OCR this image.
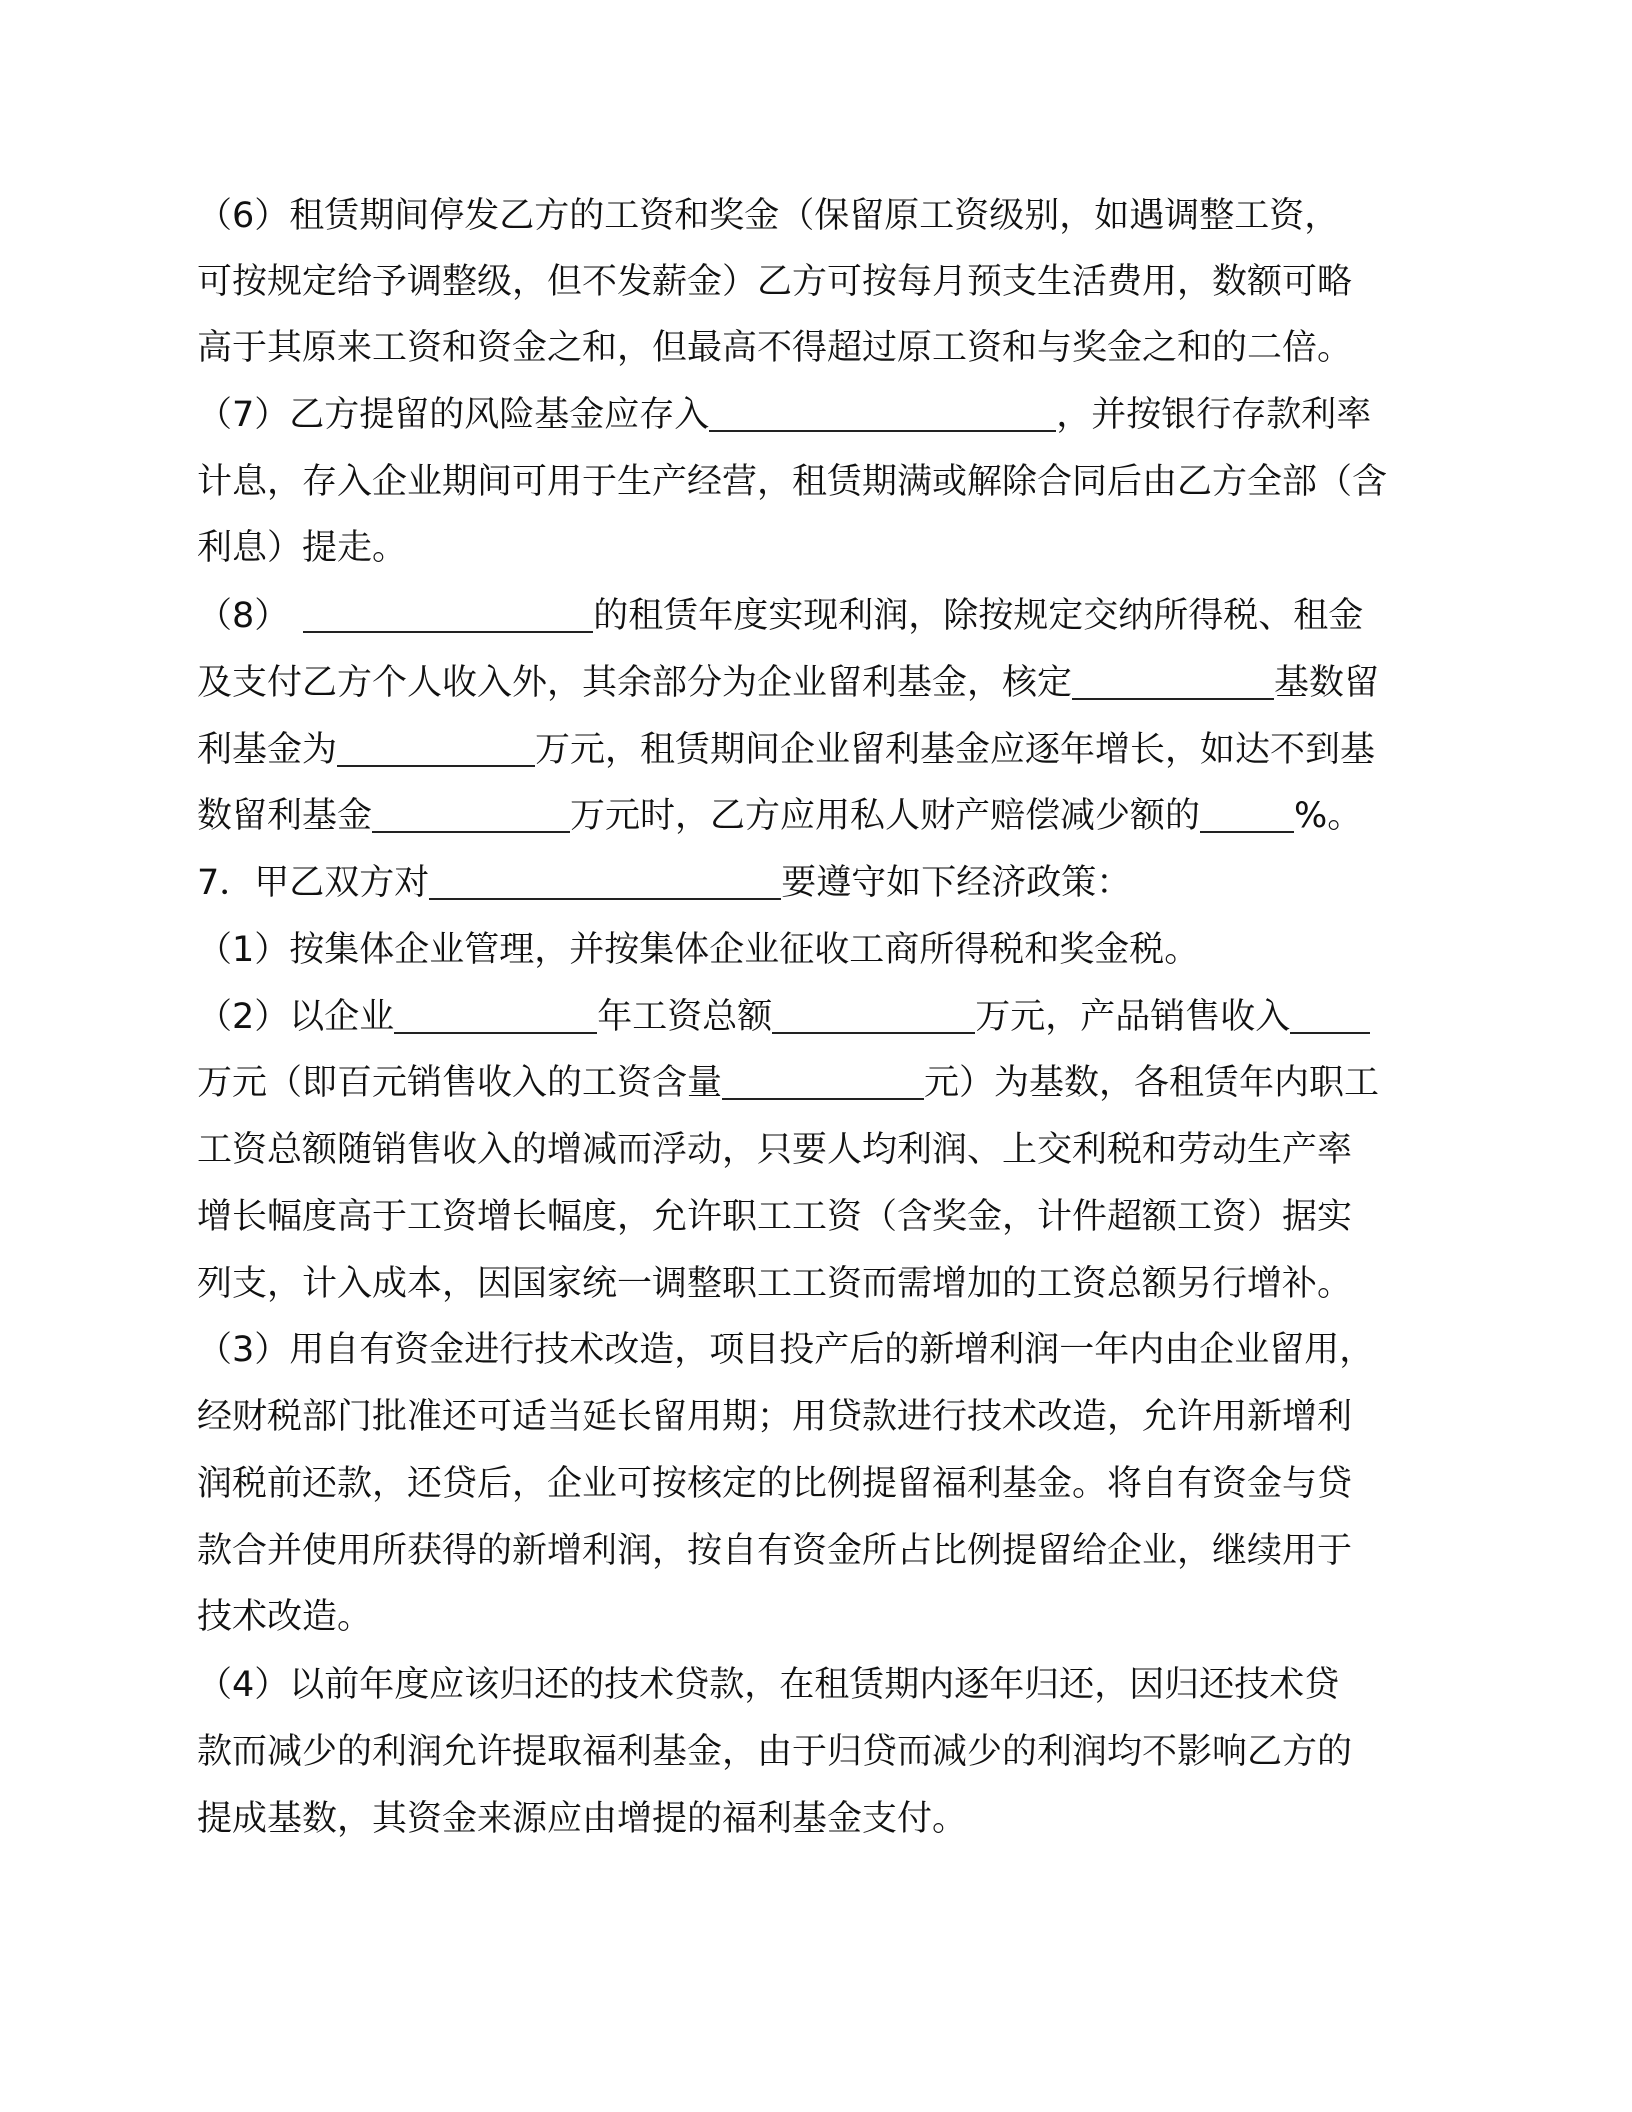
（6）租赁期间停发乙方的工资和奖金（保留原工资级别，如遇调整工资，
可按规定给予调整级，但不发薪金）乙方可按每月预支生活费用，数额可略
高于其原来工资和资金之和，但最高不得超过原工资和与奖金之和的二倍。
（7）乙方提留的风险基金应存入	，并按银行存款利率
计息，存入企业期间可用于生产经营，租赁期满或解除合同后由乙方全部（含
利息）提走。
（8）	的租赁年度实现利润，除按规定交纳所得税、租金
及支付乙方个人收入外，其余部分为企业留利基金，核定	基数留
利基金为	万元，租赁期间企业留利基金应逐年增长，如达不到基
数留利基金	万元时，乙方应用私人财产赔偿减少额的	%。
7．甲乙双方对	要遵守如下经济政策：
（1）按集体企业管理，并按集体企业征收工商所得税和奖金税。
（2）以企业	年工资总额	万元，产品销售收入
万元（即百元销售收入的工资含量	元）为基数，各租赁年内职工
工资总额随销售收入的增减而浮动，只要人均利润、上交利税和劳动生产率
增长幅度高于工资增长幅度，允许职工工资（含奖金，计件超额工资）据实
列支，计入成本，因国家统一调整职工工资而需增加的工资总额另行增补。
（3）用自有资金进行技术改造，项目投产后的新增利润一年内由企业留用，
经财税部门批准还可适当延长留用期；用贷款进行技术改造，允许用新增利
润税前还款，还贷后，企业可按核定的比例提留福利基金。将自有资金与贷
款合并使用所获得的新增利润，按自有资金所占比例提留给企业，继续用于
技术改造。
（4）以前年度应该归还的技术贷款，在租赁期内逐年归还，因归还技术贷
款而减少的利润允许提取福利基金，由于归贷而减少的利润均不影响乙方的
提成基数，其资金来源应由增提的福利基金支付。
